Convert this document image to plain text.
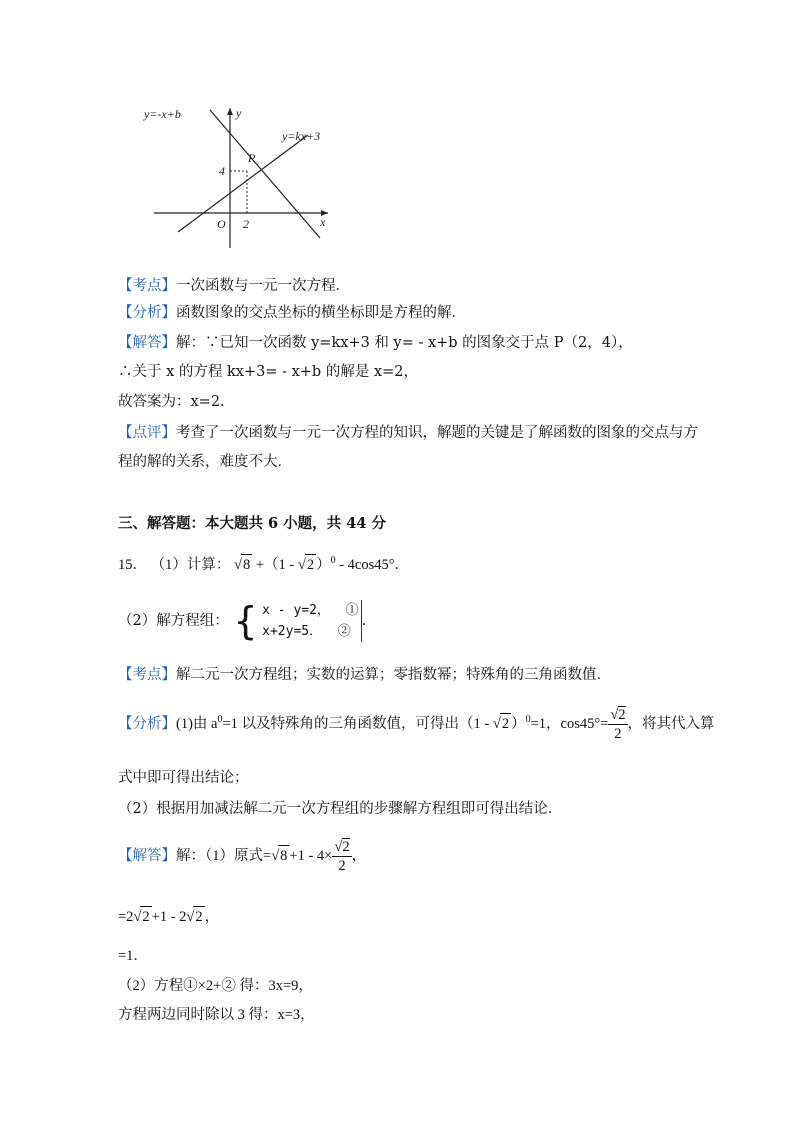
y=-x+b
y=kx+3
y
x
O
P
4
2
【考点】一次函数与一元一次方程．
【分析】函数图象的交点坐标的横坐标即是方程的解．
【解答】解：∵已知一次函数 y=kx+3 和 y= - x+b 的图象交于点 P（2，4），
∴关于 x 的方程 kx+3= - x+b 的解是 x=2，
故答案为：x=2．
【点评】考查了一次函数与一元一次方程的知识，解题的关键是了解函数的图象的交点与方
程的解的关系，难度不大．
三、解答题：本大题共 6 小题，共 44 分
15． （1）计算： √8 +（1 - √2 ）$^0$ - 4cos45°．
（2）解方程组： { x - y=2， ①
x+2y=5． ②
.
【考点】解二元一次方程组；实数的运算；零指数幂；特殊角的三角函数值．
【分析】(1)由 $a^0=1$ 以及特殊角的三角函数值，可得出（1 - √2 ）$^0$=1，$\cos 45^\circ= \frac{√2}{2}$ ，将其代入算
式中即可得出结论；
（2）根据用加减法解二元一次方程组的步骤解方程组即可得出结论．
【解答】解：（1）原式$=√8 +1 - 4\times \frac{√2}{2}$ ，
=2√2 +1 - 2√2 ，
=1．
（2）方程①×2+② 得：3x=9，
方程两边同时除以 3 得：x=3，
